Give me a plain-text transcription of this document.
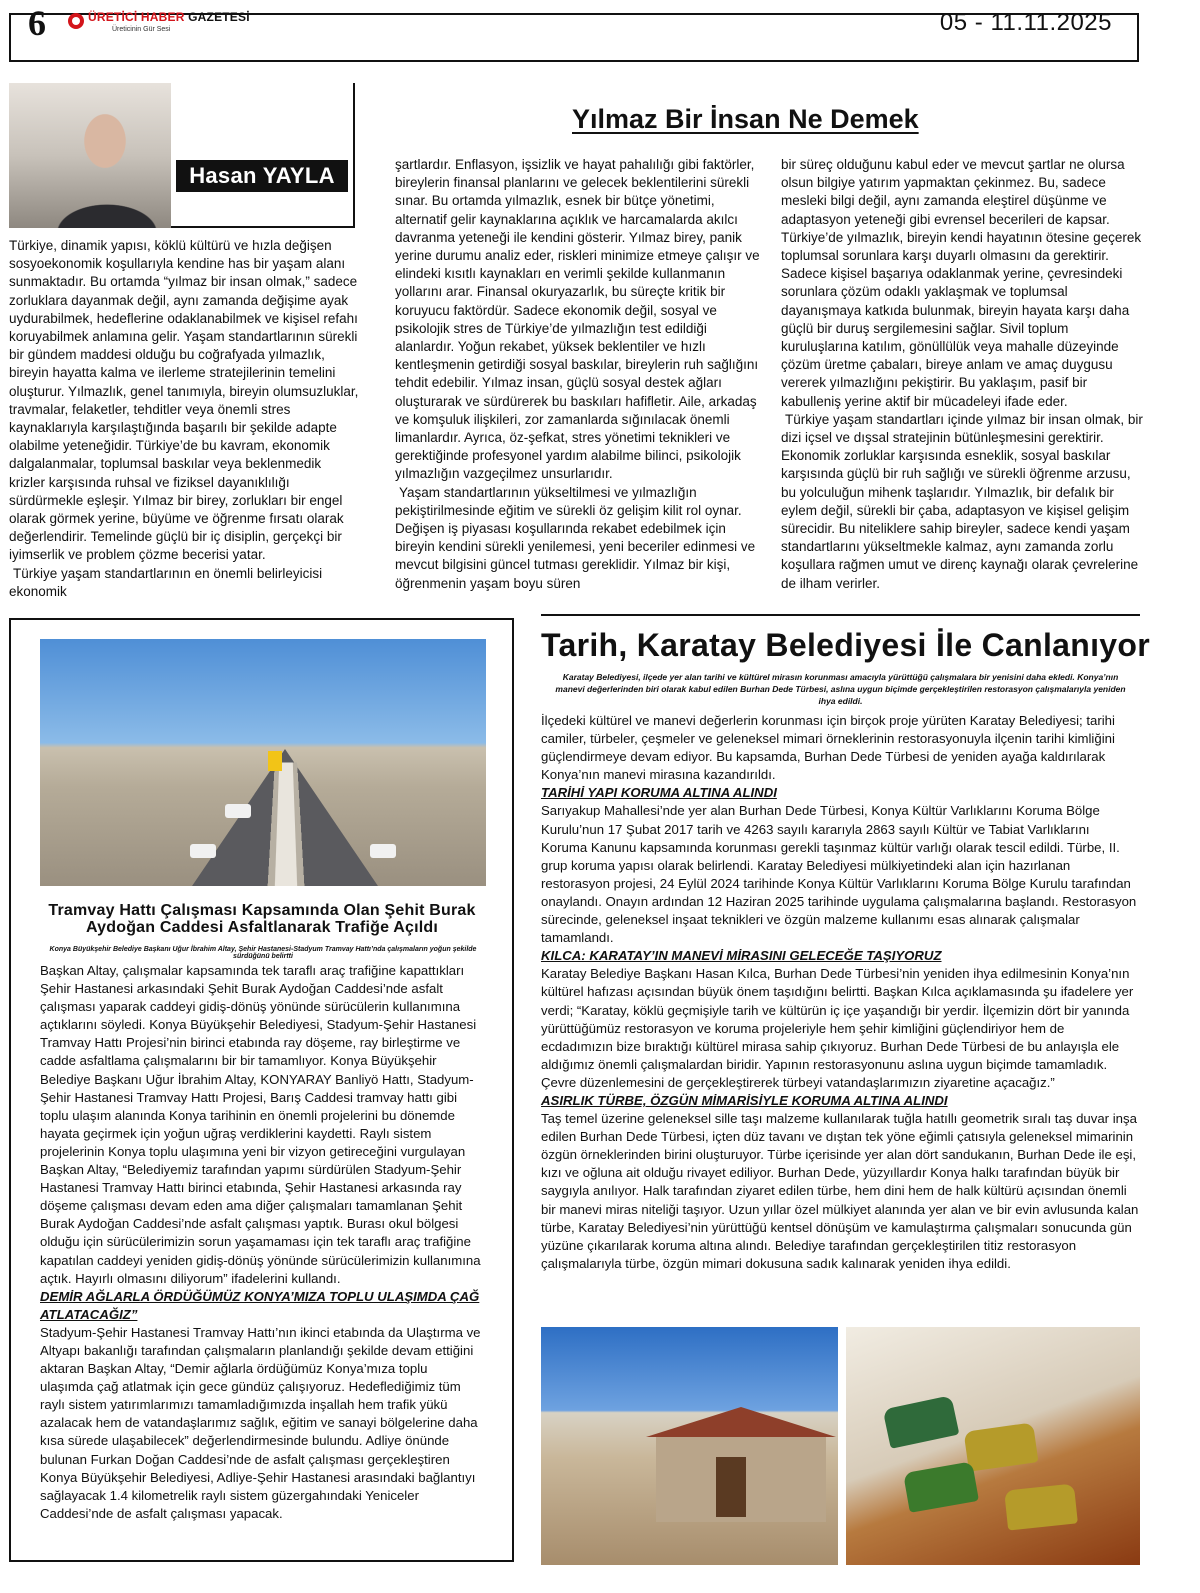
6	ÜRETİCİ HABER GAZETESİ
Üreticinin Gür Sesi	05 - 11.11.2025
Hasan YAYLA
Yılmaz Bir İnsan Ne Demek

Türkiye, dinamik yapısı, köklü kültürü ve hızla değişen sosyoekonomik koşullarıyla kendine has bir yaşam alanı sunmaktadır. Bu ortamda “yılmaz bir insan olmak,” sadece zorluklara dayanmak değil, aynı zamanda değişime ayak uydurabilmek, hedeflerine odaklanabilmek ve kişisel refahı koruyabilmek anlamına gelir. Yaşam standartlarının sürekli bir gündem maddesi olduğu bu coğrafyada yılmazlık, bireyin hayatta kalma ve ilerleme stratejilerinin temelini oluşturur. Yılmazlık, genel tanımıyla, bireyin olumsuzluklar, travmalar, felaketler, tehditler veya önemli stres kaynaklarıyla karşılaştığında başarılı bir şekilde adapte olabilme yeteneğidir. Türkiye’de bu kavram, ekonomik dalgalanmalar, toplumsal baskılar veya beklenmedik krizler karşısında ruhsal ve fiziksel dayanıklılığı sürdürmekle eşleşir. Yılmaz bir birey, zorlukları bir engel olarak görmek yerine, büyüme ve öğrenme fırsatı olarak değerlendirir. Temelinde güçlü bir iç disiplin, gerçekçi bir iyimserlik ve problem çözme becerisi yatar.

Türkiye yaşam standartlarının en önemli belirleyicisi ekonomik

şartlardır. Enflasyon, işsizlik ve hayat pahalılığı gibi faktörler, bireylerin finansal planlarını ve gelecek beklentilerini sürekli sınar. Bu ortamda yılmazlık, esnek bir bütçe yönetimi, alternatif gelir kaynaklarına açıklık ve harcamalarda akılcı davranma yeteneği ile kendini gösterir. Yılmaz birey, panik yerine durumu analiz eder, riskleri minimize etmeye çalışır ve elindeki kısıtlı kaynakları en verimli şekilde kullanmanın yollarını arar. Finansal okuryazarlık, bu süreçte kritik bir koruyucu faktördür. Sadece ekonomik değil, sosyal ve psikolojik stres de Türkiye’de yılmazlığın test edildiği alanlardır. Yoğun rekabet, yüksek beklentiler ve hızlı kentleşmenin getirdiği sosyal baskılar, bireylerin ruh sağlığını tehdit edebilir. Yılmaz insan, güçlü sosyal destek ağları oluşturarak ve sürdürerek bu baskıları hafifletir. Aile, arkadaş ve komşuluk ilişkileri, zor zamanlarda sığınılacak önemli limanlardır. Ayrıca, öz-şefkat, stres yönetimi teknikleri ve gerektiğinde profesyonel yardım alabilme bilinci, psikolojik yılmazlığın vazgeçilmez unsurlarıdır.

Yaşam standartlarının yükseltilmesi ve yılmazlığın pekiştirilmesinde eğitim ve sürekli öz gelişim kilit rol oynar. Değişen iş piyasası koşullarında rekabet edebilmek için bireyin kendini sürekli yenilemesi, yeni beceriler edinmesi ve mevcut bilgisini güncel tutması gereklidir. Yılmaz bir kişi, öğrenmenin yaşam boyu süren

bir süreç olduğunu kabul eder ve mevcut şartlar ne olursa olsun bilgiye yatırım yapmaktan çekinmez. Bu, sadece mesleki bilgi değil, aynı zamanda eleştirel düşünme ve adaptasyon yeteneği gibi evrensel becerileri de kapsar. Türkiye’de yılmazlık, bireyin kendi hayatının ötesine geçerek toplumsal sorunlara karşı duyarlı olmasını da gerektirir. Sadece kişisel başarıya odaklanmak yerine, çevresindeki sorunlara çözüm odaklı yaklaşmak ve toplumsal dayanışmaya katkıda bulunmak, bireyin hayata karşı daha güçlü bir duruş sergilemesini sağlar. Sivil toplum kuruluşlarına katılım, gönüllülük veya mahalle düzeyinde çözüm üretme çabaları, bireye anlam ve amaç duygusu vererek yılmazlığını pekiştirir. Bu yaklaşım, pasif bir kabulleniş yerine aktif bir mücadeleyi ifade eder.

Türkiye yaşam standartları içinde yılmaz bir insan olmak, bir dizi içsel ve dışsal stratejinin bütünleşmesini gerektirir. Ekonomik zorluklar karşısında esneklik, sosyal baskılar karşısında güçlü bir ruh sağlığı ve sürekli öğrenme arzusu, bu yolculuğun mihenk taşlarıdır. Yılmazlık, bir defalık bir eylem değil, sürekli bir çaba, adaptasyon ve kişisel gelişim sürecidir. Bu niteliklere sahip bireyler, sadece kendi yaşam standartlarını yükseltmekle kalmaz, aynı zamanda zorlu koşullara rağmen umut ve direnç kaynağı olarak çevrelerine de ilham verirler.

Tramvay Hattı Çalışması Kapsamında Olan Şehit Burak Aydoğan Caddesi Asfaltlanarak Trafiğe Açıldı
Konya Büyükşehir Belediye Başkanı Uğur İbrahim Altay, Şehir Hastanesi-Stadyum Tramvay Hattı’nda çalışmaların yoğun şekilde sürdüğünü belirtti

Başkan Altay, çalışmalar kapsamında tek taraflı araç trafiğine kapattıkları Şehir Hastanesi arkasındaki Şehit Burak Aydoğan Caddesi’nde asfalt çalışması yaparak caddeyi gidiş-dönüş yönünde sürücülerin kullanımına açtıklarını söyledi. Konya Büyükşehir Belediyesi, Stadyum-Şehir Hastanesi Tramvay Hattı Projesi’nin birinci etabında ray döşeme, ray birleştirme ve cadde asfaltlama çalışmalarını bir bir tamamlıyor. Konya Büyükşehir Belediye Başkanı Uğur İbrahim Altay, KONYARAY Banliyö Hattı, Stadyum-Şehir Hastanesi Tramvay Hattı Projesi, Barış Caddesi tramvay hattı gibi toplu ulaşım alanında Konya tarihinin en önemli projelerini bu dönemde hayata geçirmek için yoğun uğraş verdiklerini kaydetti. Raylı sistem projelerinin Konya toplu ulaşımına yeni bir vizyon getireceğini vurgulayan Başkan Altay, “Belediyemiz tarafından yapımı sürdürülen Stadyum-Şehir Hastanesi Tramvay Hattı birinci etabında, Şehir Hastanesi arkasında ray döşeme çalışması devam eden ama diğer çalışmaları tamamlanan Şehit Burak Aydoğan Caddesi’nde asfalt çalışması yaptık. Burası okul bölgesi olduğu için sürücülerimizin sorun yaşamaması için tek taraflı araç trafiğine kapatılan caddeyi yeniden gidiş-dönüş yönünde sürücülerimizin kullanımına açtık. Hayırlı olmasını diliyorum” ifadelerini kullandı.

DEMİR AĞLARLA ÖRDÜĞÜMÜZ KONYA’MIZA TOPLU ULAŞIMDA ÇAĞ ATLATACAĞIZ”

Stadyum-Şehir Hastanesi Tramvay Hattı’nın ikinci etabında da Ulaştırma ve Altyapı bakanlığı tarafından çalışmaların planlandığı şekilde devam ettiğini aktaran Başkan Altay, “Demir ağlarla ördüğümüz Konya’mıza toplu ulaşımda çağ atlatmak için gece gündüz çalışıyoruz. Hedeflediğimiz tüm raylı sistem yatırımlarımızı tamamladığımızda inşallah hem trafik yükü azalacak hem de vatandaşlarımız sağlık, eğitim ve sanayi bölgelerine daha kısa sürede ulaşabilecek” değerlendirmesinde bulundu. Adliye önünde bulunan Furkan Doğan Caddesi’nde de asfalt çalışması gerçekleştiren Konya Büyükşehir Belediyesi, Adliye-Şehir Hastanesi arasındaki bağlantıyı sağlayacak 1.4 kilometrelik raylı sistem güzergahındaki Yeniceler Caddesi’nde de asfalt çalışması yapacak.

Tarih, Karatay Belediyesi İle Canlanıyor
Karatay Belediyesi, ilçede yer alan tarihi ve kültürel mirasın korunması amacıyla yürüttüğü çalışmalara bir yenisini daha ekledi. Konya’nın manevi değerlerinden biri olarak kabul edilen Burhan Dede Türbesi, aslına uygun biçimde gerçekleştirilen restorasyon çalışmalarıyla yeniden ihya edildi.

İlçedeki kültürel ve manevi değerlerin korunması için birçok proje yürüten Karatay Belediyesi; tarihi camiler, türbeler, çeşmeler ve geleneksel mimari örneklerinin restorasyonuyla ilçenin tarihi kimliğini güçlendirmeye devam ediyor. Bu kapsamda, Burhan Dede Türbesi de yeniden ayağa kaldırılarak Konya’nın manevi mirasına kazandırıldı.

TARİHİ YAPI KORUMA ALTINA ALINDI

Sarıyakup Mahallesi’nde yer alan Burhan Dede Türbesi, Konya Kültür Varlıklarını Koruma Bölge Kurulu’nun 17 Şubat 2017 tarih ve 4263 sayılı kararıyla 2863 sayılı Kültür ve Tabiat Varlıklarını Koruma Kanunu kapsamında korunması gerekli taşınmaz kültür varlığı olarak tescil edildi. Türbe, II. grup koruma yapısı olarak belirlendi. Karatay Belediyesi mülkiyetindeki alan için hazırlanan restorasyon projesi, 24 Eylül 2024 tarihinde Konya Kültür Varlıklarını Koruma Bölge Kurulu tarafından onaylandı. Onayın ardından 12 Haziran 2025 tarihinde uygulama çalışmalarına başlandı. Restorasyon sürecinde, geleneksel inşaat teknikleri ve özgün malzeme kullanımı esas alınarak çalışmalar tamamlandı.

KILCA: KARATAY’IN MANEVİ MİRASINI GELECEĞE TAŞIYORUZ

Karatay Belediye Başkanı Hasan Kılca, Burhan Dede Türbesi’nin yeniden ihya edilmesinin Konya’nın kültürel hafızası açısından büyük önem taşıdığını belirtti. Başkan Kılca açıklamasında şu ifadelere yer verdi; “Karatay, köklü geçmişiyle tarih ve kültürün iç içe yaşandığı bir yerdir. İlçemizin dört bir yanında yürüttüğümüz restorasyon ve koruma projeleriyle hem şehir kimliğini güçlendiriyor hem de ecdadımızın bize bıraktığı kültürel mirasa sahip çıkıyoruz. Burhan Dede Türbesi de bu anlayışla ele aldığımız önemli çalışmalardan biridir. Yapının restorasyonunu aslına uygun biçimde tamamladık. Çevre düzenlemesini de gerçekleştirerek türbeyi vatandaşlarımızın ziyaretine açacağız.”

ASIRLIK TÜRBE, ÖZGÜN MİMARİSİYLE KORUMA ALTINA ALINDI

Taş temel üzerine geleneksel sille taşı malzeme kullanılarak tuğla hatıllı geometrik sıralı taş duvar inşa edilen Burhan Dede Türbesi, içten düz tavanı ve dıştan tek yöne eğimli çatısıyla geleneksel mimarinin özgün örneklerinden birini oluşturuyor. Türbe içerisinde yer alan dört sandukanın, Burhan Dede ile eşi, kızı ve oğluna ait olduğu rivayet ediliyor. Burhan Dede, yüzyıllardır Konya halkı tarafından büyük bir saygıyla anılıyor. Halk tarafından ziyaret edilen türbe, hem dini hem de halk kültürü açısından önemli bir manevi miras niteliği taşıyor. Uzun yıllar özel mülkiyet alanında yer alan ve bir evin avlusunda kalan türbe, Karatay Belediyesi’nin yürüttüğü kentsel dönüşüm ve kamulaştırma çalışmaları sonucunda gün yüzüne çıkarılarak koruma altına alındı. Belediye tarafından gerçekleştirilen titiz restorasyon çalışmalarıyla türbe, özgün mimari dokusuna sadık kalınarak yeniden ihya edildi.
